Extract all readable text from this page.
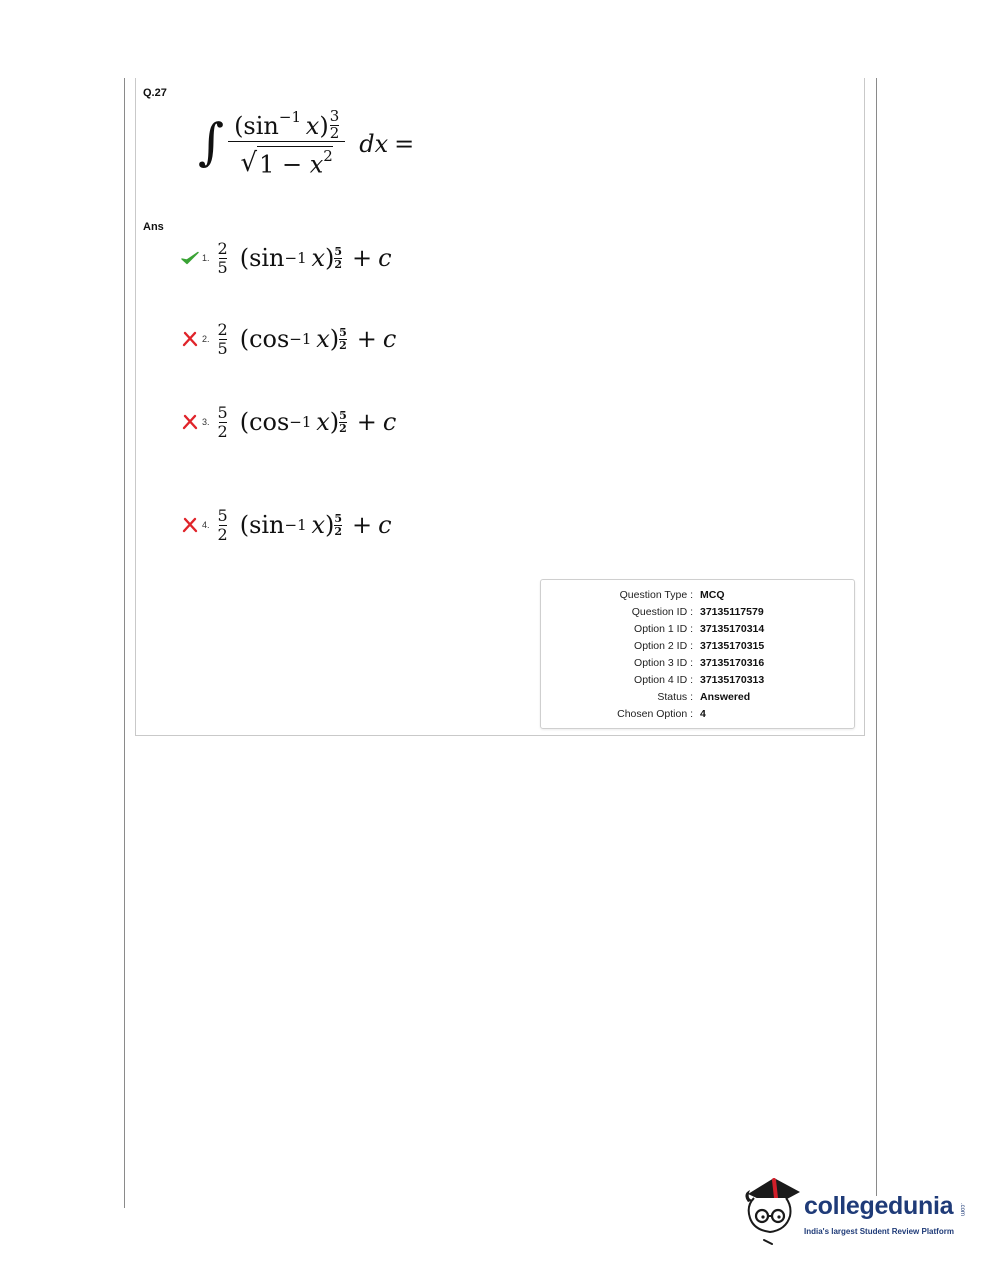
Q.27
∫ $\frac{(\sin-1 x) \frac{3}{2}}{√ 1 - x2}$ dx  =
Ans
1. $\frac{2}{5} (\sin -1$
  x ) 5
2 +
  c
2. $\frac{2}{5} (\cos -1$
  x ) 5
2 +
  c
3. $\frac{5}{2} (\cos -1$
  x ) 5
2 +
  c
4. $\frac{5}{2} (\sin -1$
  x ) 5
2 +
  c
Question Type : MCQ
Question ID : 37135117579
Option 1 ID : 37135170314
Option 2 ID : 37135170315
Option 3 ID : 37135170316
Option 4 ID : 37135170313
Status : Answered
Chosen Option : 4
collegedunia .com
India's largest Student Review Platform
